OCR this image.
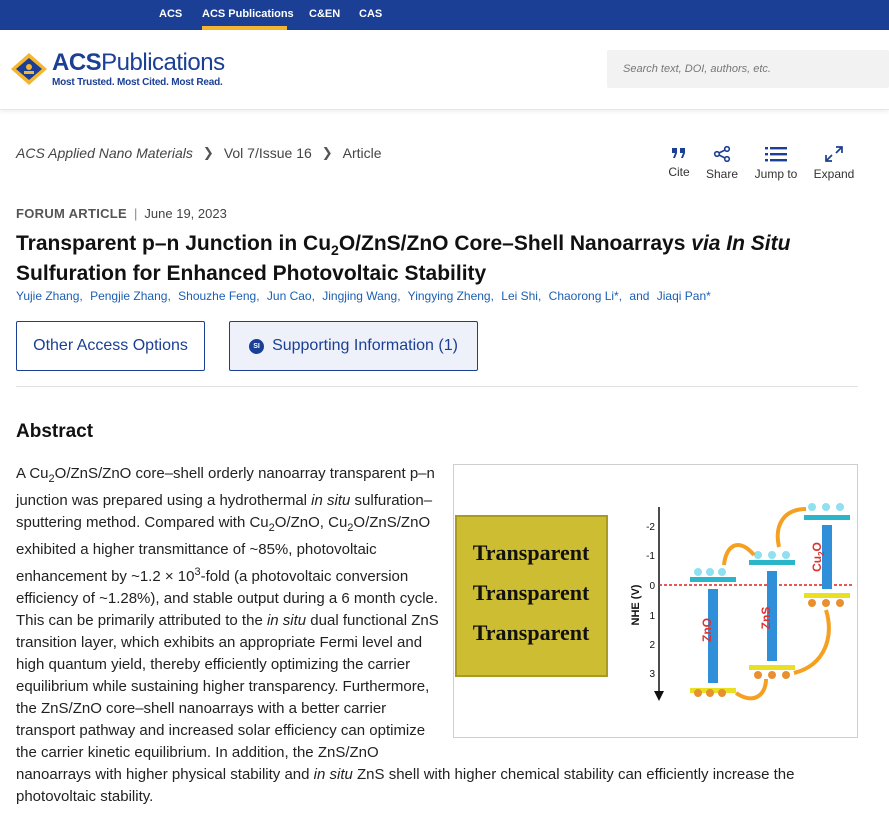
ACS ACS Publications C&EN CAS
ACSPublications
Most Trusted. Most Cited. Most Read.
Search text, DOI, authors, etc.
ACS Applied Nano Materials ❯ Vol 7/Issue 16 ❯ Article
Cite	Share	Jump to	Expand
FORUM ARTICLE | June 19, 2023
Transparent p–n Junction in $Cu_2O/ZnS$/ZnO Core–Shell Nanoarrays via In Situ Sulfuration for Enhanced Photovoltaic Stability
Yujie Zhang, Pengjie Zhang, Shouzhe Feng, Jun Cao, Jingjing Wang, Yingying Zheng, Lei Shi, Chaorong Li*, and Jiaqi Pan*
Other Access Options	SI Supporting Information (1)
Abstract
A $Cu_2O/ZnS$/ZnO core–shell orderly nanoarray transparent p–n junction was prepared using a hydrothermal in situ sulfuration–sputtering method. Compared with $Cu_2O$/ZnO, $Cu_2O/ZnS$/ZnO exhibited a higher transmittance of ~85%, photovoltaic enhancement by ~1.2 × $10^3$-fold (a photovoltaic conversion efficiency of ~1.28%), and stable output during a 6 month cycle. This can be primarily attributed to the in situ dual functional ZnS transition layer, which exhibits an appropriate Fermi level and high quantum yield, thereby efficiently optimizing the carrier equilibrium while sustaining higher transparency. Furthermore, the ZnS/ZnO core–shell nanoarrays with a better carrier transport pathway and increased solar efficiency can optimize the carrier kinetic equilibrium. In addition, the ZnS/ZnO nanoarrays with higher physical stability and in situ ZnS shell with higher chemical stability can efficiently increase the photovoltaic stability.
Transparent
Transparent
Transparent
NHE (V)
-2
-1
0
1
2
3
ZnO	ZnS
$Cu_2O$
